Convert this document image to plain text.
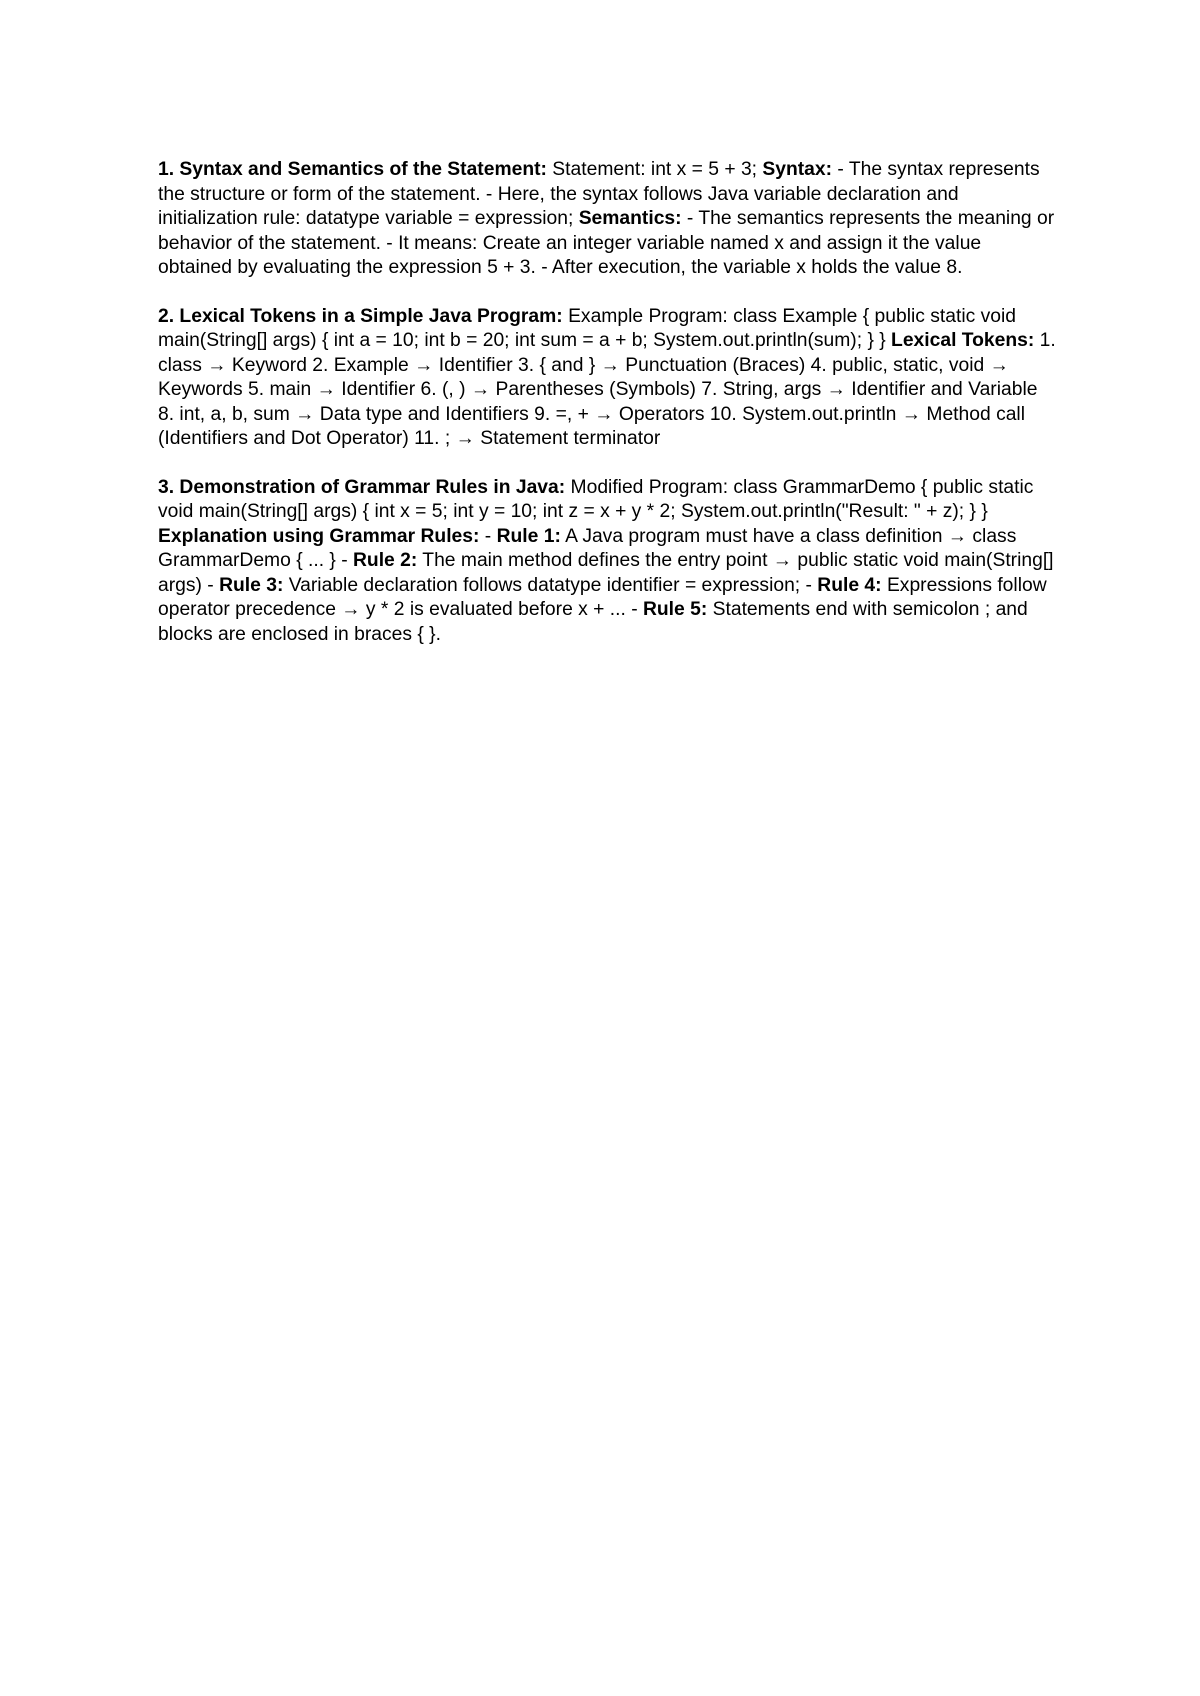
1. Syntax and Semantics of the Statement: Statement: int x = 5 + 3; Syntax: - The syntax represents the structure or form of the statement. - Here, the syntax follows Java variable declaration and initialization rule: datatype variable = expression; Semantics: - The semantics represents the meaning or behavior of the statement. - It means: Create an integer variable named x and assign it the value obtained by evaluating the expression 5 + 3. - After execution, the variable x holds the value 8.

2. Lexical Tokens in a Simple Java Program: Example Program: class Example { public static void main(String[] args) { int a = 10; int b = 20; int sum = a + b; System.out.println(sum); } } Lexical Tokens: 1. class → Keyword 2. Example → Identifier 3. { and } → Punctuation (Braces) 4. public, static, void → Keywords 5. main → Identifier 6. (, ) → Parentheses (Symbols) 7. String, args → Identifier and Variable 8. int, a, b, sum → Data type and Identifiers 9. =, + → Operators 10. System.out.println → Method call (Identifiers and Dot Operator) 11. ; → Statement terminator

3. Demonstration of Grammar Rules in Java: Modified Program: class GrammarDemo { public static void main(String[] args) { int x = 5; int y = 10; int z = x + y * 2; System.out.println("Result: " + z); } } Explanation using Grammar Rules: - Rule 1: A Java program must have a class definition → class GrammarDemo { ... } - Rule 2: The main method defines the entry point → public static void main(String[] args) - Rule 3: Variable declaration follows datatype identifier = expression; - Rule 4: Expressions follow operator precedence → y * 2 is evaluated before x + ... - Rule 5: Statements end with semicolon ; and blocks are enclosed in braces { }.
